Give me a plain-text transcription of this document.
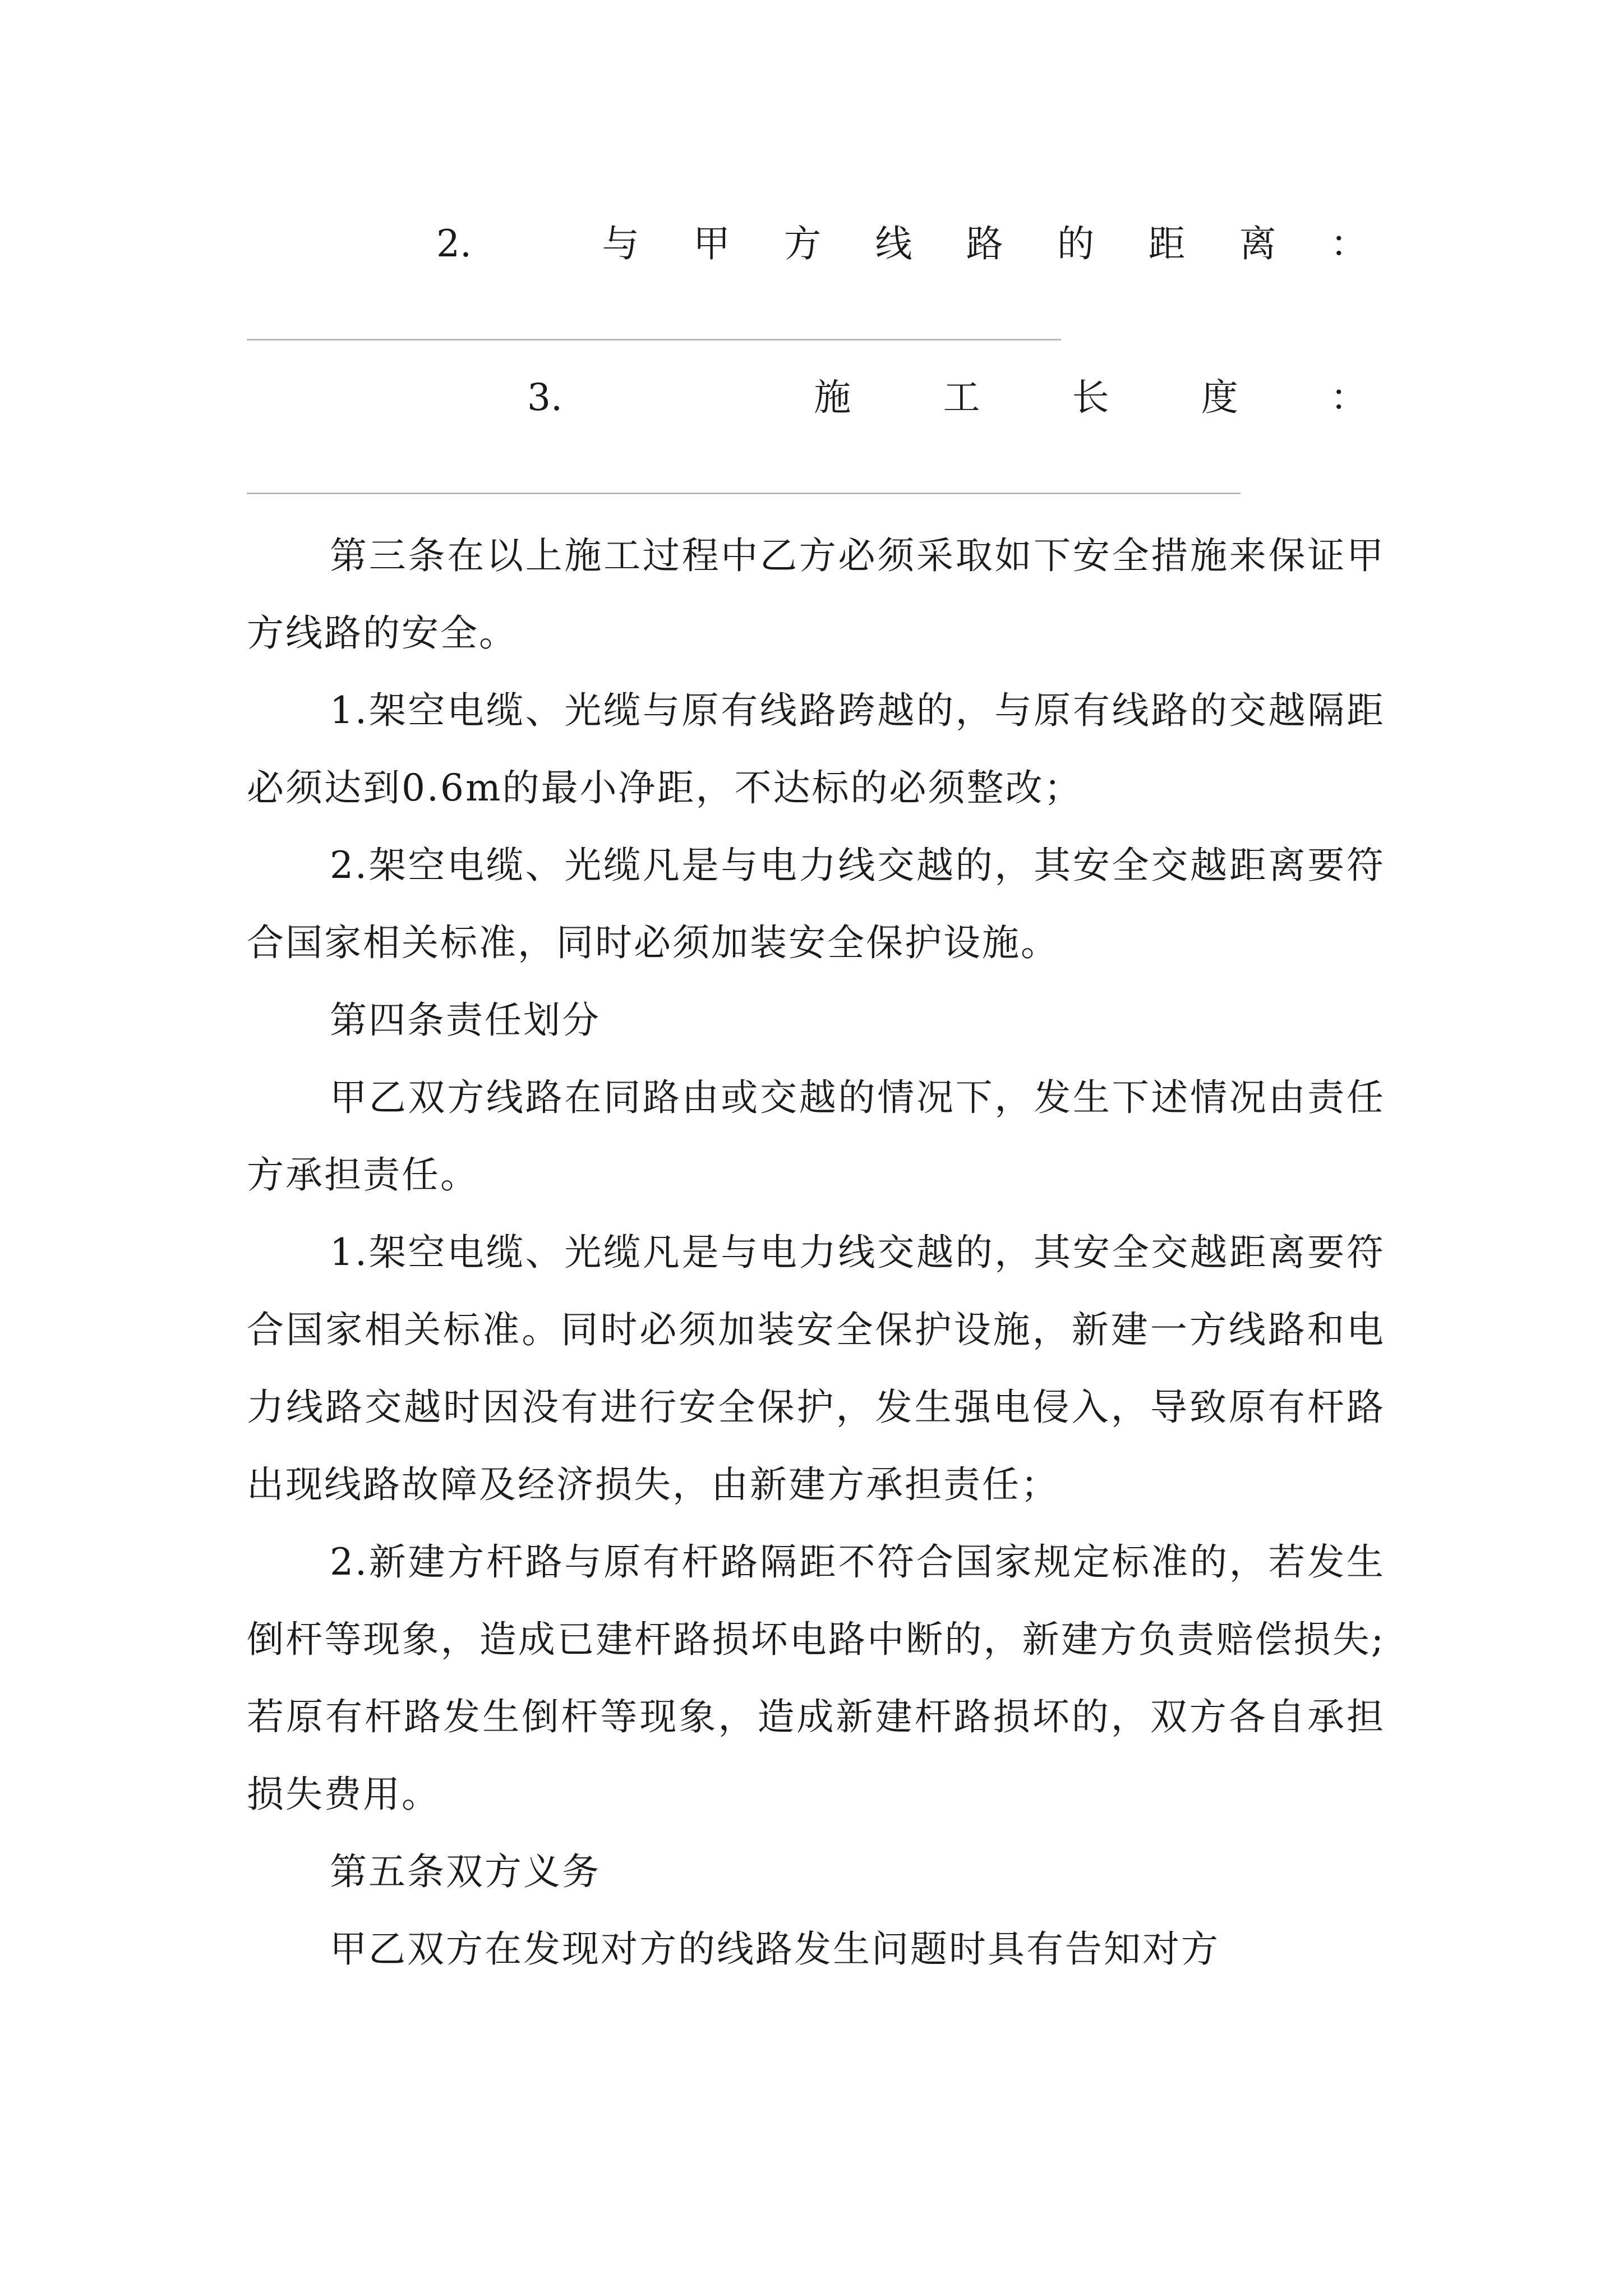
2.	与 甲 方 线 路 的 距 离 ：
3.	施 工 长 度 ：

第三条在以上施工过程中乙方必须采取如下安全措施来保证甲方线路的安全。

1.架空电缆、光缆与原有线路跨越的，与原有线路的交越隔距必须达到0.6m的最小净距，不达标的必须整改；

2.架空电缆、光缆凡是与电力线交越的，其安全交越距离要符合国家相关标准，同时必须加装安全保护设施。

第四条责任划分

甲乙双方线路在同路由或交越的情况下，发生下述情况由责任方承担责任。

1.架空电缆、光缆凡是与电力线交越的，其安全交越距离要符合国家相关标准。同时必须加装安全保护设施，新建一方线路和电力线路交越时因没有进行安全保护，发生强电侵入，导致原有杆路出现线路故障及经济损失，由新建方承担责任；

2.新建方杆路与原有杆路隔距不符合国家规定标准的，若发生倒杆等现象，造成已建杆路损坏电路中断的，新建方负责赔偿损失;若原有杆路发生倒杆等现象，造成新建杆路损坏的，双方各自承担损失费用。

第五条双方义务

甲乙双方在发现对方的线路发生问题时具有告知对方
